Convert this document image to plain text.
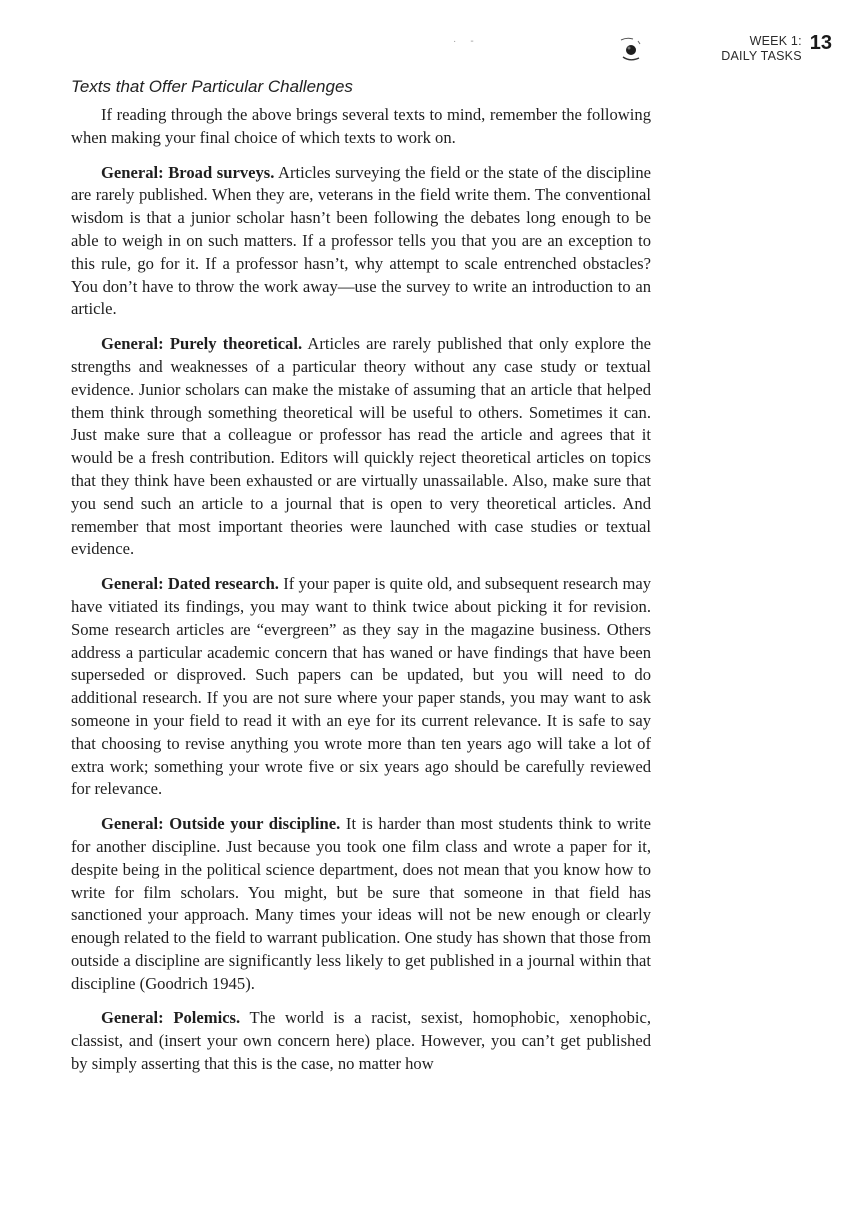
WEEK 1:
DAILY TASKS
13
·-
Texts that Offer Particular Challenges

If reading through the above brings several texts to mind, remember the following when making your final choice of which texts to work on.

General: Broad surveys. Articles surveying the field or the state of the discipline are rarely published. When they are, veterans in the field write them. The conventional wisdom is that a junior scholar hasn’t been following the debates long enough to be able to weigh in on such matters. If a professor tells you that you are an exception to this rule, go for it. If a professor hasn’t, why attempt to scale entrenched obstacles? You don’t have to throw the work away—use the survey to write an introduction to an article.

General: Purely theoretical. Articles are rarely published that only explore the strengths and weaknesses of a particular theory without any case study or textual evidence. Junior scholars can make the mistake of assuming that an article that helped them think through something theoretical will be useful to others. Sometimes it can. Just make sure that a colleague or professor has read the article and agrees that it would be a fresh contribution. Editors will quickly reject theoretical articles on topics that they think have been exhausted or are virtually unassailable. Also, make sure that you send such an article to a journal that is open to very theoretical articles. And remember that most important theories were launched with case studies or textual evidence.

General: Dated research. If your paper is quite old, and subsequent research may have vitiated its findings, you may want to think twice about picking it for revision. Some research articles are “evergreen” as they say in the magazine business. Others address a particular academic concern that has waned or have findings that have been superseded or disproved. Such papers can be updated, but you will need to do additional research. If you are not sure where your paper stands, you may want to ask someone in your field to read it with an eye for its current relevance. It is safe to say that choosing to revise anything you wrote more than ten years ago will take a lot of extra work; something your wrote five or six years ago should be carefully reviewed for relevance.

General: Outside your discipline. It is harder than most students think to write for another discipline. Just because you took one film class and wrote a paper for it, despite being in the political science department, does not mean that you know how to write for film scholars. You might, but be sure that someone in that field has sanctioned your approach. Many times your ideas will not be new enough or clearly enough related to the field to warrant publication. One study has shown that those from outside a discipline are significantly less likely to get published in a journal within that discipline (Goodrich 1945).

General: Polemics. The world is a racist, sexist, homophobic, xenophobic, classist, and (insert your own concern here) place. However, you can’t get published by simply asserting that this is the case, no matter how
